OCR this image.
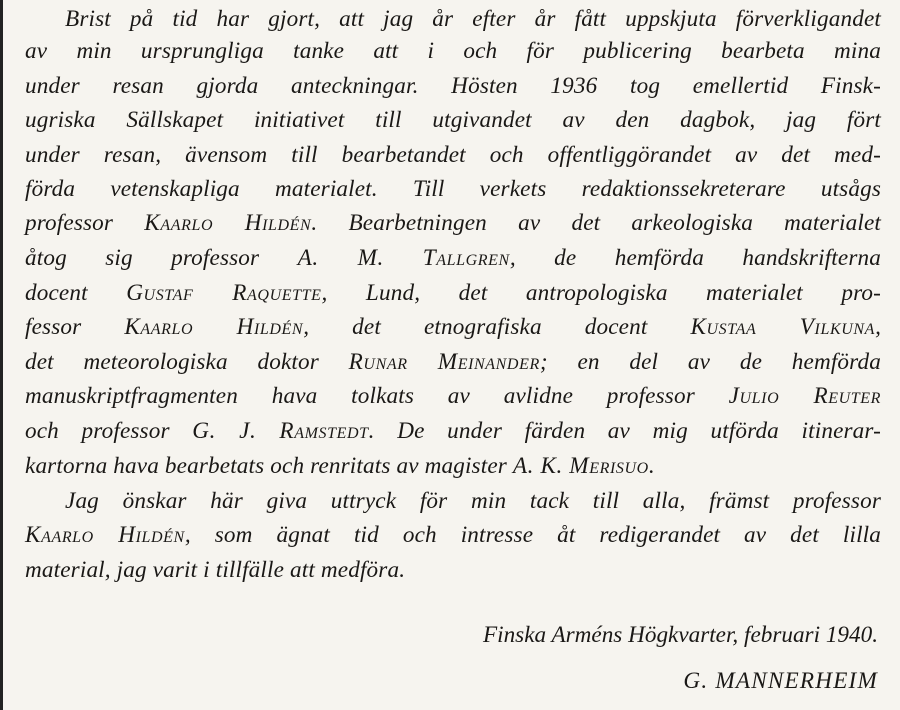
Brist på tid har gjort, att jag år efter år fått uppskjuta förverkligandet
av min ursprungliga tanke att i och för publicering bearbeta mina
under resan gjorda anteckningar. Hösten 1936 tog emellertid Finsk-
ugriska Sällskapet initiativet till utgivandet av den dagbok, jag fört
under resan, ävensom till bearbetandet och offentliggörandet av det med-
förda vetenskapliga materialet. Till verkets redaktionssekreterare utsågs
professor Kaarlo Hildén. Bearbetningen av det arkeologiska materialet
åtog sig professor A. M. Tallgren, de hemförda handskrifterna
docent Gustaf Raquette, Lund, det antropologiska materialet pro-
fessor Kaarlo Hildén, det etnografiska docent Kustaa Vilkuna,
det meteorologiska doktor Runar Meinander; en del av de hemförda
manuskriptfragmenten hava tolkats av avlidne professor Julio Reuter
och professor G. J. Ramstedt. De under färden av mig utförda itinerar-
kartorna hava bearbetats och renritats av magister A. K. Merisuo.
Jag önskar här giva uttryck för min tack till alla, främst professor
Kaarlo Hildén, som ägnat tid och intresse åt redigerandet av det lilla
material, jag varit i tillfälle att medföra.
Finska Arméns Högkvarter, februari 1940.
G. MANNERHEIM
